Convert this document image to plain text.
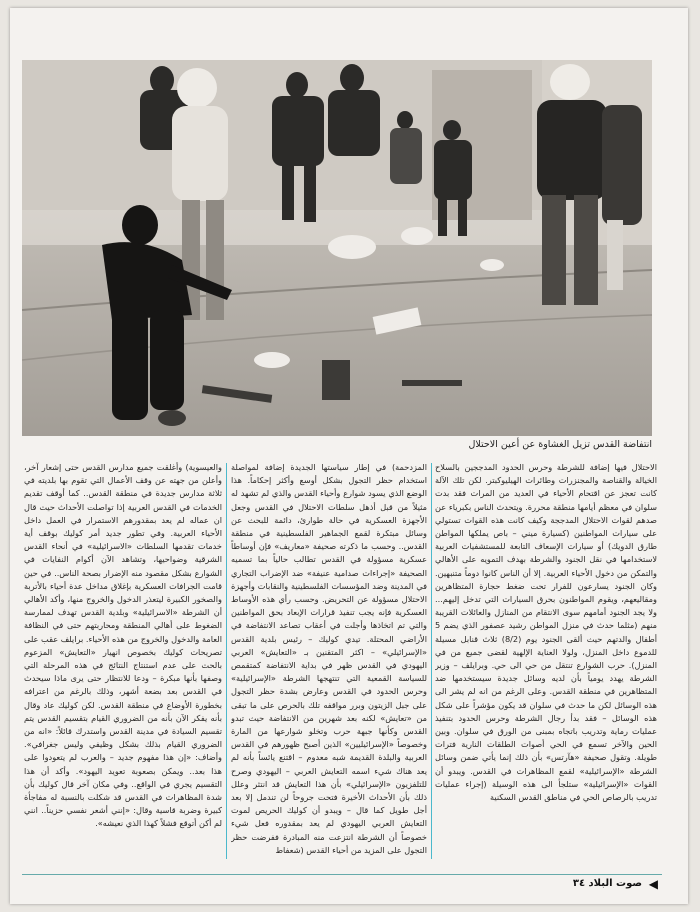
انتفاضة القدس تزيل الغشاوة عن أعين الاحتلال

الاحتلال فيها إضافة للشرطة وحرس الحدود المدججين بالسلاح الخيالة والقناصة والمجنزرات وطائرات الهيليوكبتر. لكن تلك الآلة كانت تعجز عن اقتحام الأحياء في العديد من المرات فقد بدت سلوان في معظم أيامها منطقة محررة. ويتحدث الناس بكبرياء عن صدهم لقوات الاحتلال المدججة وكيف كانت هذه القوات تستولي على سيارات المواطنين (كسيارة ميني – باص يملكها المواطن طارق الدويك) أو سيارات الإسعاف التابعة للمستشفيات العربية لاستخدامها في نقل الجنود والشرطة بهدف التمويه على الأهالي والتمكن من دخول الأحياء العربية. إلا أن الناس كانوا دوماً متنبهين. وكان الجنود يسارعون للفرار تحت ضغط حجارة المتظاهرين ومقاليعهم، ويقوم المواطنون بحرق السيارات التي تدخل إليهم... ولا يجد الجنود أمامهم سوى الانتقام من المنازل والعائلات القريبة منهم (مثلما حدث في منزل المواطن رشيد عصفور الذي يضم 5 أطفال والدتهم حيث ألقى الجنود يوم (8/2) ثلاث قنابل مسيلة للدموع داخل المنزل، ولولا العناية الإلهية لقضى جميع من في المنزل). حرب الشوارع تنتقل من حي الى حي. وبرايلف – وزير الشرطة يهدد يومياً بأن لديه وسائل جديدة سيستخدمها ضد المتظاهرين في منطقة القدس. وعلى الرغم من انه لم يشر الى هذه الوسائل لكن ما حدث في سلوان قد يكون مؤشراً على شكل هذه الوسائل – فقد بدأ رجال الشرطة وحرس الحدود بتنفيذ عمليات رماية وتدريب باتجاه بمبنى من الورق في سلوان. وبين الحين والآخر تسمع في الحي أصوات الطلقات النارية فترات طويلة. وتقول صحيفة «هآرتس» بأن ذلك إنما يأتي ضمن وسائل الشرطة «الإسرائيلية» لقمع المظاهرات في القدس. ويبدو أن القوات «الإسرائيلية» ستلجأ الى هذه الوسيلة (إجراء عمليات تدريب بالرصاص الحي في مناطق القدس السكنية

المزدحمة) في إطار سياستها الجديدة إضافة لمواصلة استخدام حظر التجول بشكل أوسع وأكثر إحكاماً. هذا الوضع الذي يسود شوارع وأحياء القدس والذي لم تشهد له مثيلاً من قبل أذهل سلطات الاحتلال في القدس وجعل الأجهزة العسكرية في حالة طوارئ، دائمة للبحث عن وسائل مبتكرة لقمع الجماهير الفلسطينية في منطقة القدس.. وحسب ما ذكرته صحيفة «معاريف» فإن أوساطاً عسكرية مسؤولة في القدس تطالب حالياً بما تسميه الصحيفة «إجراءات صدامية عنيفة» ضد الإضراب التجاري في المدينة وضد المؤسسات الفلسطينية والنقابات وأجهزة الاحتلال مسؤولة عن التحريض. وحسب رأي هذه الأوساط العسكرية فإنه يجب تنفيذ قرارات الإبعاد بحق المواطنين والتي تم اتخاذها وأجلت في أعقاب تصاعد الانتفاضة في الأراضي المحتلة. تيدي كوليك – رئيس بلدية القدس «الإسرائيلي» – اكثر المتقنين بـ «التعايش» العربي اليهودي في القدس ظهر في بداية الانتفاضة كمتقمص للسياسة القمعية التي تنتهجها الشرطة «الإسرائيلية» وحرس الحدود في القدس وعارض بشدة حظر التجول على جبل الزيتون وبرر مواقفه تلك بالحرص على ما تبقى من «تعايش» لكنه بعد شهرين من الانتفاضة حيث تبدو القدس وكأنها جبهة حرب وتخلو شوارعها من المارة وخصوصاً «الإسرائيليين» الذين أصبح ظهورهم في القدس العربية والبلدة القديمة شبه معدوم – اقتنع يائساً بأنه لم يعد هناك شيء اسمه التعايش العربي – اليهودي وصرح للتلفزيون «الإسرائيلي» بأن هذا التعايش قد انتثر وعلل ذلك بأن الأحداث الأخيرة فتحت جروحاً لن تندمل إلا بعد أجل طويل كما قال – ويبدو أن كوليك الحريص لموت التعايش العربي اليهودي لم يعد بمقدوره فعل شيء خصوصاً أن الشرطة انتزعت منه المبادرة ففرضت حظر التجول على المزيد من أحياء القدس (شعفاط

والعيسوية) وأغلقت جميع مدارس القدس حتى إشعار آخر، وأعلن من جهته عن وقف الأعمال التي تقوم بها بلديته في ثلاثة مدارس جديدة في منطقة القدس.. كما أوقف تقديم الخدمات في القدس العربية إذا تواصلت الأحداث حيث قال ان عماله لم يعد بمقدورهم الاستمرار في العمل داخل الأحياء العربية. وفي تطور جديد أمر كوليك بوقف أية خدمات تقدمها السلطات «الاسرائيلية» في أنحاء القدس الشرقية وضواحيها، وتشاهد الآن أكوام النفايات في الشوارع بشكل مقصود منه الإضرار بصحة الناس.. في حين قامت الجرافات العسكرية بإغلاق مداخل عدة أحياء بالأتربة والصخور الكبيرة ليتعذر الدخول والخروج منها، وأكد الأهالي أن الشرطة «الاسرائيلية» وبلدية القدس تهدف لممارسة الضغوط على أهالي المنطقة ومحاربتهم حتى في النظافة العامة والدخول والخروج من هذه الأحياء. برايلف عقب على تصريحات كوليك بخصوص انهيار «التعايش» المزعوم بالحث على عدم استنتاج النتائج في هذه المرحلة التي وصفها بأنها مبكرة – ودعا للانتظار حتى يرى ماذا سيحدث في القدس بعد بضعة أشهر، وذلك بالرغم من اعترافه بخطورة الأوضاع في منطقة القدس. لكن كوليك عاد وقال بأنه يفكر الآن بأنه من الضروري القيام بتقسيم القدس يتم تقسيم السيادة في مدينة القدس واستدرك قائلاً: «انه من الضروري القيام بذلك بشكل وظيفي وليس جغرافي». وأضاف: «إن هذا مفهوم جديد – والعرب لم يتعودوا على هذا بعد.. ويمكن بصعوبة تعويد اليهود». وأكد أن هذا التقسيم يجري في الواقع.. وفي مكان آخر قال كوليك بأن شدة المظاهرات في القدس قد شكلت بالنسبة له مفاجأة كبيرة وضربة قاسية وقال: «إنني أشعر نفسي حزيناً.. انني لم أكن أتوقع فشلاً كهذا الذي نعيشه».

صوت البلاد ٣٤ ◀
